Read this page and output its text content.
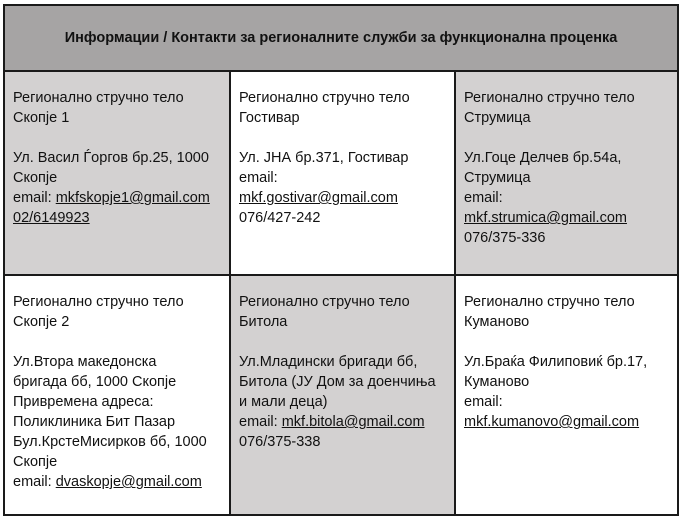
Информации / Контакти за регионалните служби за функционална проценка
Регионално стручно тело
Скопје 1
Ул. Васил Ѓоргов бр.25, 1000
Скопје
email: mkfskopje1@gmail.com
02/6149923
Регионално стручно тело
Гостивар
Ул. ЈНА бр.371, Гостивар
email:
mkf.gostivar@gmail.com
076/427-242
Регионално стручно тело
Струмица
Ул.Гоце Делчев бр.54а,
Струмица
email:
mkf.strumica@gmail.com
076/375-336
Регионално стручно тело
Скопје 2
Ул.Втора македонска
бригада бб, 1000 Скопје
Привремена адреса:
Поликлиника Бит Пазар
Бул.КрстеМисирков бб, 1000
Скопје
email: dvaskopje@gmail.com
Регионално стручно тело
Битола
Ул.Младински бригади бб,
Битола (ЈУ Дом за доенчиња
и мали деца)
email: mkf.bitola@gmail.com
076/375-338
Регионално стручно тело
Куманово
Ул.Браќа Филиповиќ бр.17,
Куманово
email:
mkf.kumanovo@gmail.com
